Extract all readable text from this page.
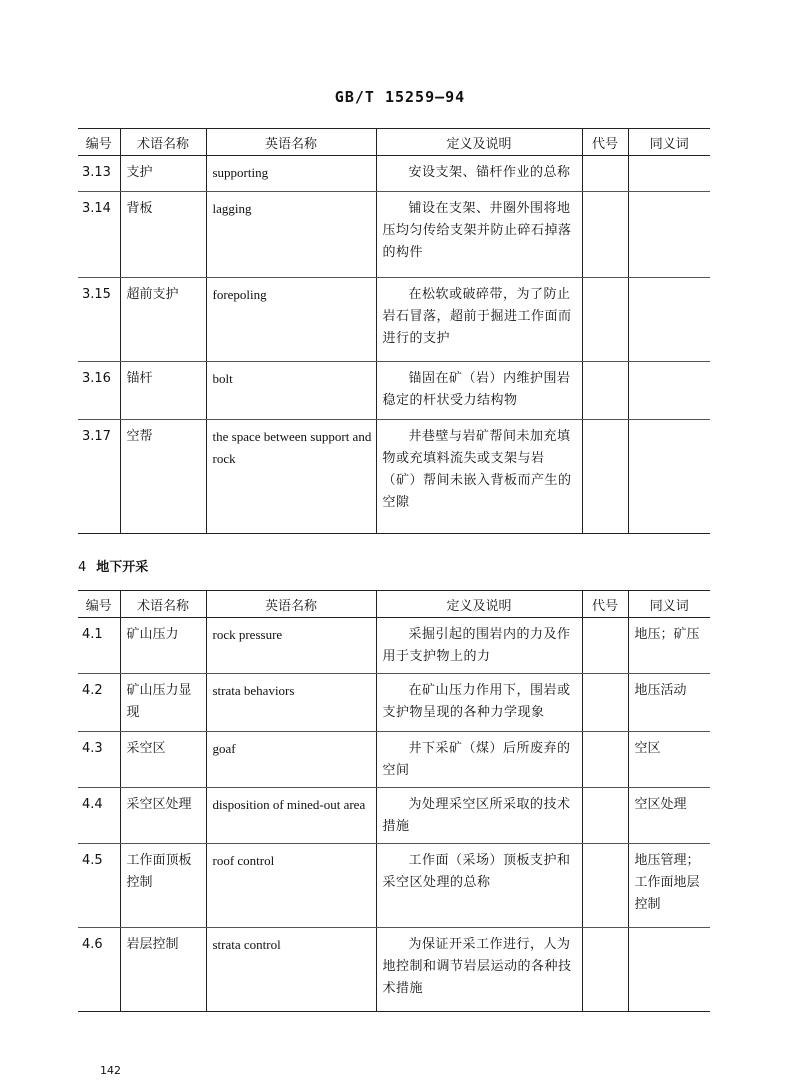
GB/T 15259—94
编号	术语名称	英语名称	定义及说明	代号	同义词
3.13	支护	supporting	安设支架、锚杆作业的总称		
3.14	背板	lagging	铺设在支架、井圈外围将地压均匀传给支架并防止碎石掉落的构件		
3.15	超前支护	forepoling	在松软或破碎带，为了防止岩石冒落，超前于掘进工作面而进行的支护		
3.16	锚杆	bolt	锚固在矿（岩）内维护围岩稳定的杆状受力结构物		
3.17	空帮	the space between support and rock	井巷壁与岩矿帮间未加充填物或充填料流失或支架与岩（矿）帮间未嵌入背板而产生的空隙		
4 地下开采
编号	术语名称	英语名称	定义及说明	代号	同义词
4.1	矿山压力	rock pressure	采掘引起的围岩内的力及作用于支护物上的力		地压；矿压
4.2	矿山压力显现	strata behaviors	在矿山压力作用下，围岩或支护物呈现的各种力学现象		地压活动
4.3	采空区	goaf	井下采矿（煤）后所废弃的空间		空区
4.4	采空区处理	disposition of mined-out area	为处理采空区所采取的技术措施		空区处理
4.5	工作面顶板控制	roof control	工作面（采场）顶板支护和采空区处理的总称		地压管理；工作面地层控制
4.6	岩层控制	strata control	为保证开采工作进行，人为地控制和调节岩层运动的各种技术措施		
142
